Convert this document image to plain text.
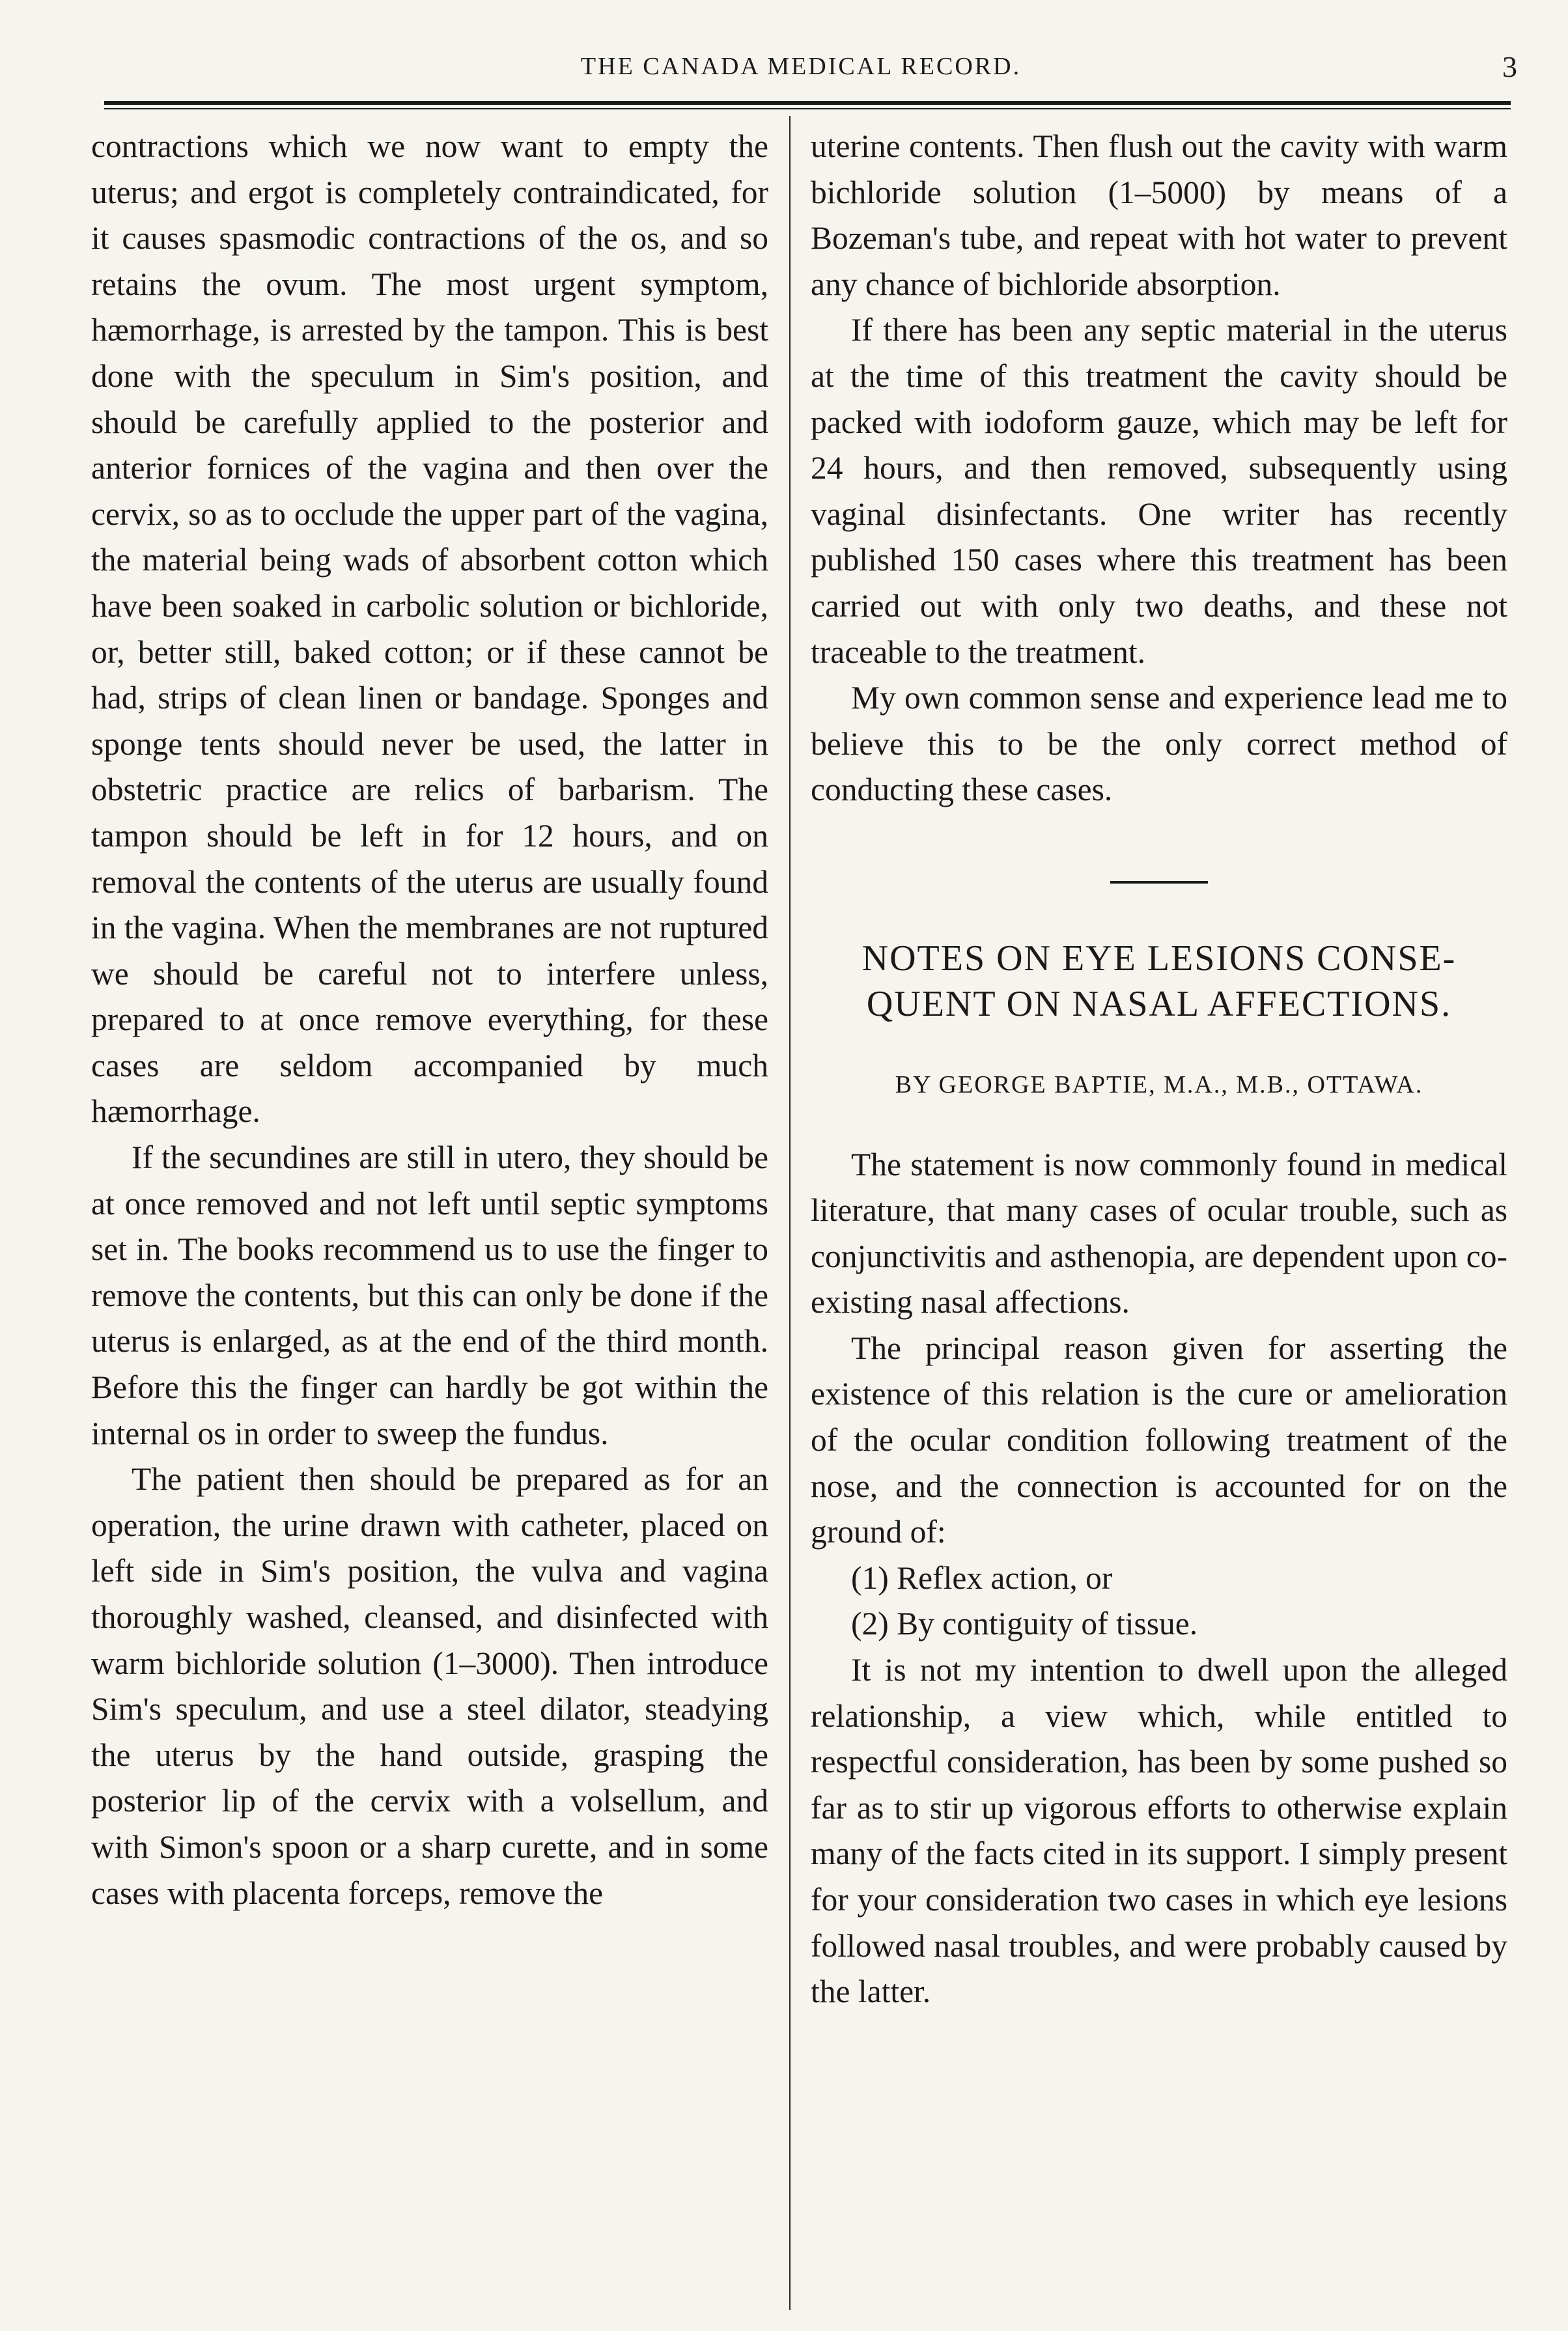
THE CANADA MEDICAL RECORD.	3

contractions which we now want to empty the uterus; and ergot is completely contraindicated, for it causes spasmodic contractions of the os, and so retains the ovum. The most urgent symptom, hæmorrhage, is arrested by the tampon. This is best done with the speculum in Sim's position, and should be carefully applied to the posterior and anterior fornices of the vagina and then over the cervix, so as to occlude the upper part of the vagina, the material being wads of absorbent cotton which have been soaked in carbolic solution or bichloride, or, better still, baked cotton; or if these cannot be had, strips of clean linen or bandage. Sponges and sponge tents should never be used, the latter in obstetric practice are relics of barbarism. The tampon should be left in for 12 hours, and on removal the contents of the uterus are usually found in the vagina. When the membranes are not ruptured we should be careful not to interfere unless, prepared to at once remove everything, for these cases are seldom accompanied by much hæmorrhage.

If the secundines are still in utero, they should be at once removed and not left until septic symptoms set in. The books recommend us to use the finger to remove the contents, but this can only be done if the uterus is enlarged, as at the end of the third month. Before this the finger can hardly be got within the internal os in order to sweep the fundus.

The patient then should be prepared as for an operation, the urine drawn with catheter, placed on left side in Sim's position, the vulva and vagina thoroughly washed, cleansed, and disinfected with warm bichloride solution (1–3000). Then introduce Sim's speculum, and use a steel dilator, steadying the uterus by the hand outside, grasping the posterior lip of the cervix with a volsellum, and with Simon's spoon or a sharp curette, and in some cases with placenta forceps, remove the

uterine contents. Then flush out the cavity with warm bichloride solution (1–5000) by means of a Bozeman's tube, and repeat with hot water to prevent any chance of bichloride absorption.

If there has been any septic material in the uterus at the time of this treatment the cavity should be packed with iodoform gauze, which may be left for 24 hours, and then removed, subsequently using vaginal disinfectants. One writer has recently published 150 cases where this treatment has been carried out with only two deaths, and these not traceable to the treatment.

My own common sense and experience lead me to believe this to be the only correct method of conducting these cases.

NOTES ON EYE LESIONS CONSE-
QUENT ON NASAL AFFECTIONS.
BY GEORGE BAPTIE, M.A., M.B., OTTAWA.

The statement is now commonly found in medical literature, that many cases of ocular trouble, such as conjunctivitis and asthenopia, are dependent upon co-existing nasal affections.

The principal reason given for asserting the existence of this relation is the cure or amelioration of the ocular condition following treatment of the nose, and the connection is accounted for on the ground of:

(1) Reflex action, or

(2) By contiguity of tissue.

It is not my intention to dwell upon the alleged relationship, a view which, while entitled to respectful consideration, has been by some pushed so far as to stir up vigorous efforts to otherwise explain many of the facts cited in its support. I simply present for your consideration two cases in which eye lesions followed nasal troubles, and were probably caused by the latter.
